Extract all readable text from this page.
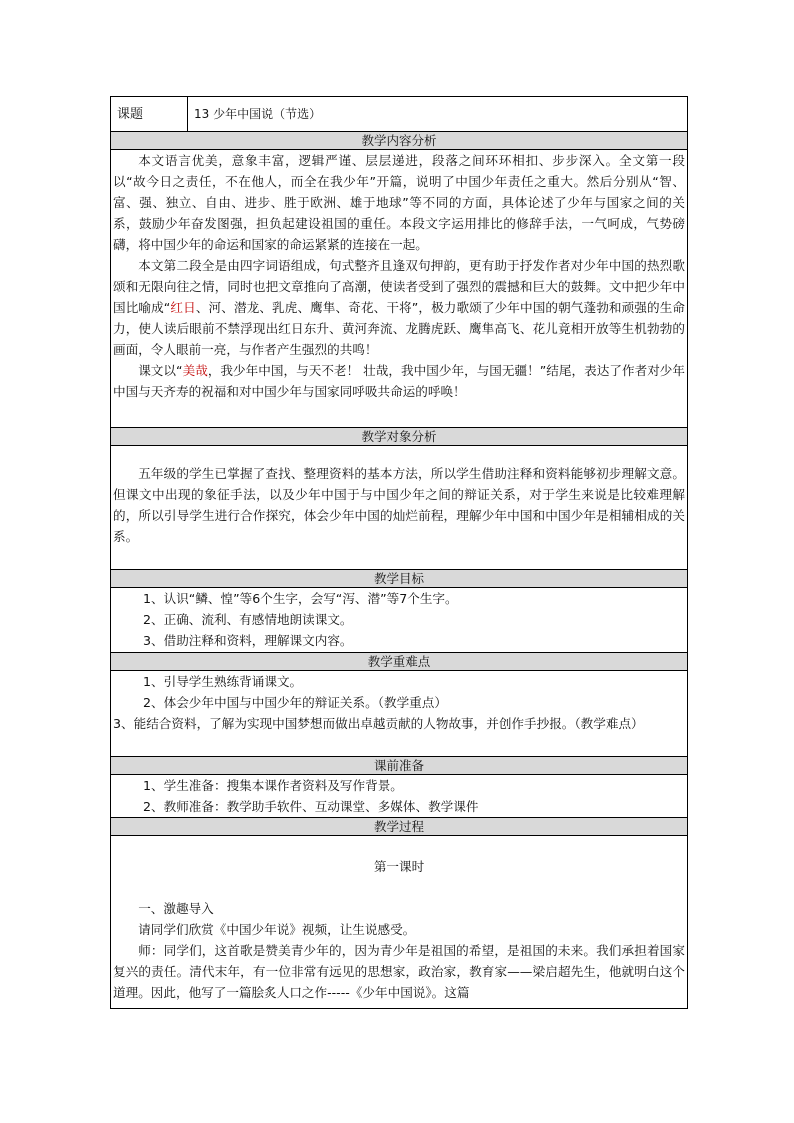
课题	13 少年中国说（节选）
教学内容分析

本文语言优美，意象丰富，逻辑严谨、层层递进，段落之间环环相扣、步步深入。全文第一段以“故今日之责任，不在他人，而全在我少年”开篇，说明了中国少年责任之重大。然后分别从“智、富、强、独立、自由、进步、胜于欧洲、雄于地球”等不同的方面，具体论述了少年与国家之间的关系，鼓励少年奋发图强，担负起建设祖国的重任。本段文字运用排比的修辞手法，一气呵成，气势磅礴，将中国少年的命运和国家的命运紧紧的连接在一起。

本文第二段全是由四字词语组成，句式整齐且逢双句押韵，更有助于抒发作者对少年中国的热烈歌颂和无限向往之情，同时也把文章推向了高潮，使读者受到了强烈的震撼和巨大的鼓舞。文中把少年中国比喻成“红日、河、潜龙、乳虎、鹰隼、奇花、干将”，极力歌颂了少年中国的朝气蓬勃和顽强的生命力，使人读后眼前不禁浮现出红日东升、黄河奔流、龙腾虎跃、鹰隼高飞、花儿竟相开放等生机勃勃的画面，令人眼前一亮，与作者产生强烈的共鸣！

课文以“美哉，我少年中国，与天不老！ 壮哉，我中国少年，与国无疆！”结尾，表达了作者对少年中国与天齐寿的祝福和对中国少年与国家同呼吸共命运的呼唤！

教学对象分析

五年级的学生已掌握了查找、整理资料的基本方法，所以学生借助注释和资料能够初步理解文意。但课文中出现的象征手法，以及少年中国于与中国少年之间的辩证关系，对于学生来说是比较难理解的，所以引导学生进行合作探究，体会少年中国的灿烂前程，理解少年中国和中国少年是相辅相成的关系。

教学目标

1、认识“鳞、惶”等6个生字，会写“泻、潜”等7个生字。

2、正确、流利、有感情地朗读课文。

3、借助注释和资料，理解课文内容。

教学重难点

1、引导学生熟练背诵课文。

2、体会少年中国与中国少年的辩证关系。（教学重点）

3、能结合资料，了解为实现中国梦想而做出卓越贡献的人物故事，并创作手抄报。（教学难点）

课前准备

1、学生准备：搜集本课作者资料及写作背景。

2、教师准备：教学助手软件、互动课堂、多媒体、教学课件

教学过程

第一课时

一、激趣导入

请同学们欣赏《中国少年说》视频，让生说感受。

师：同学们，这首歌是赞美青少年的，因为青少年是祖国的希望，是祖国的未来。我们承担着国家复兴的责任。清代末年，有一位非常有远见的思想家，政治家，教育家——梁启超先生，他就明白这个道理。因此，他写了一篇脍炙人口之作-----《少年中国说》。这篇
